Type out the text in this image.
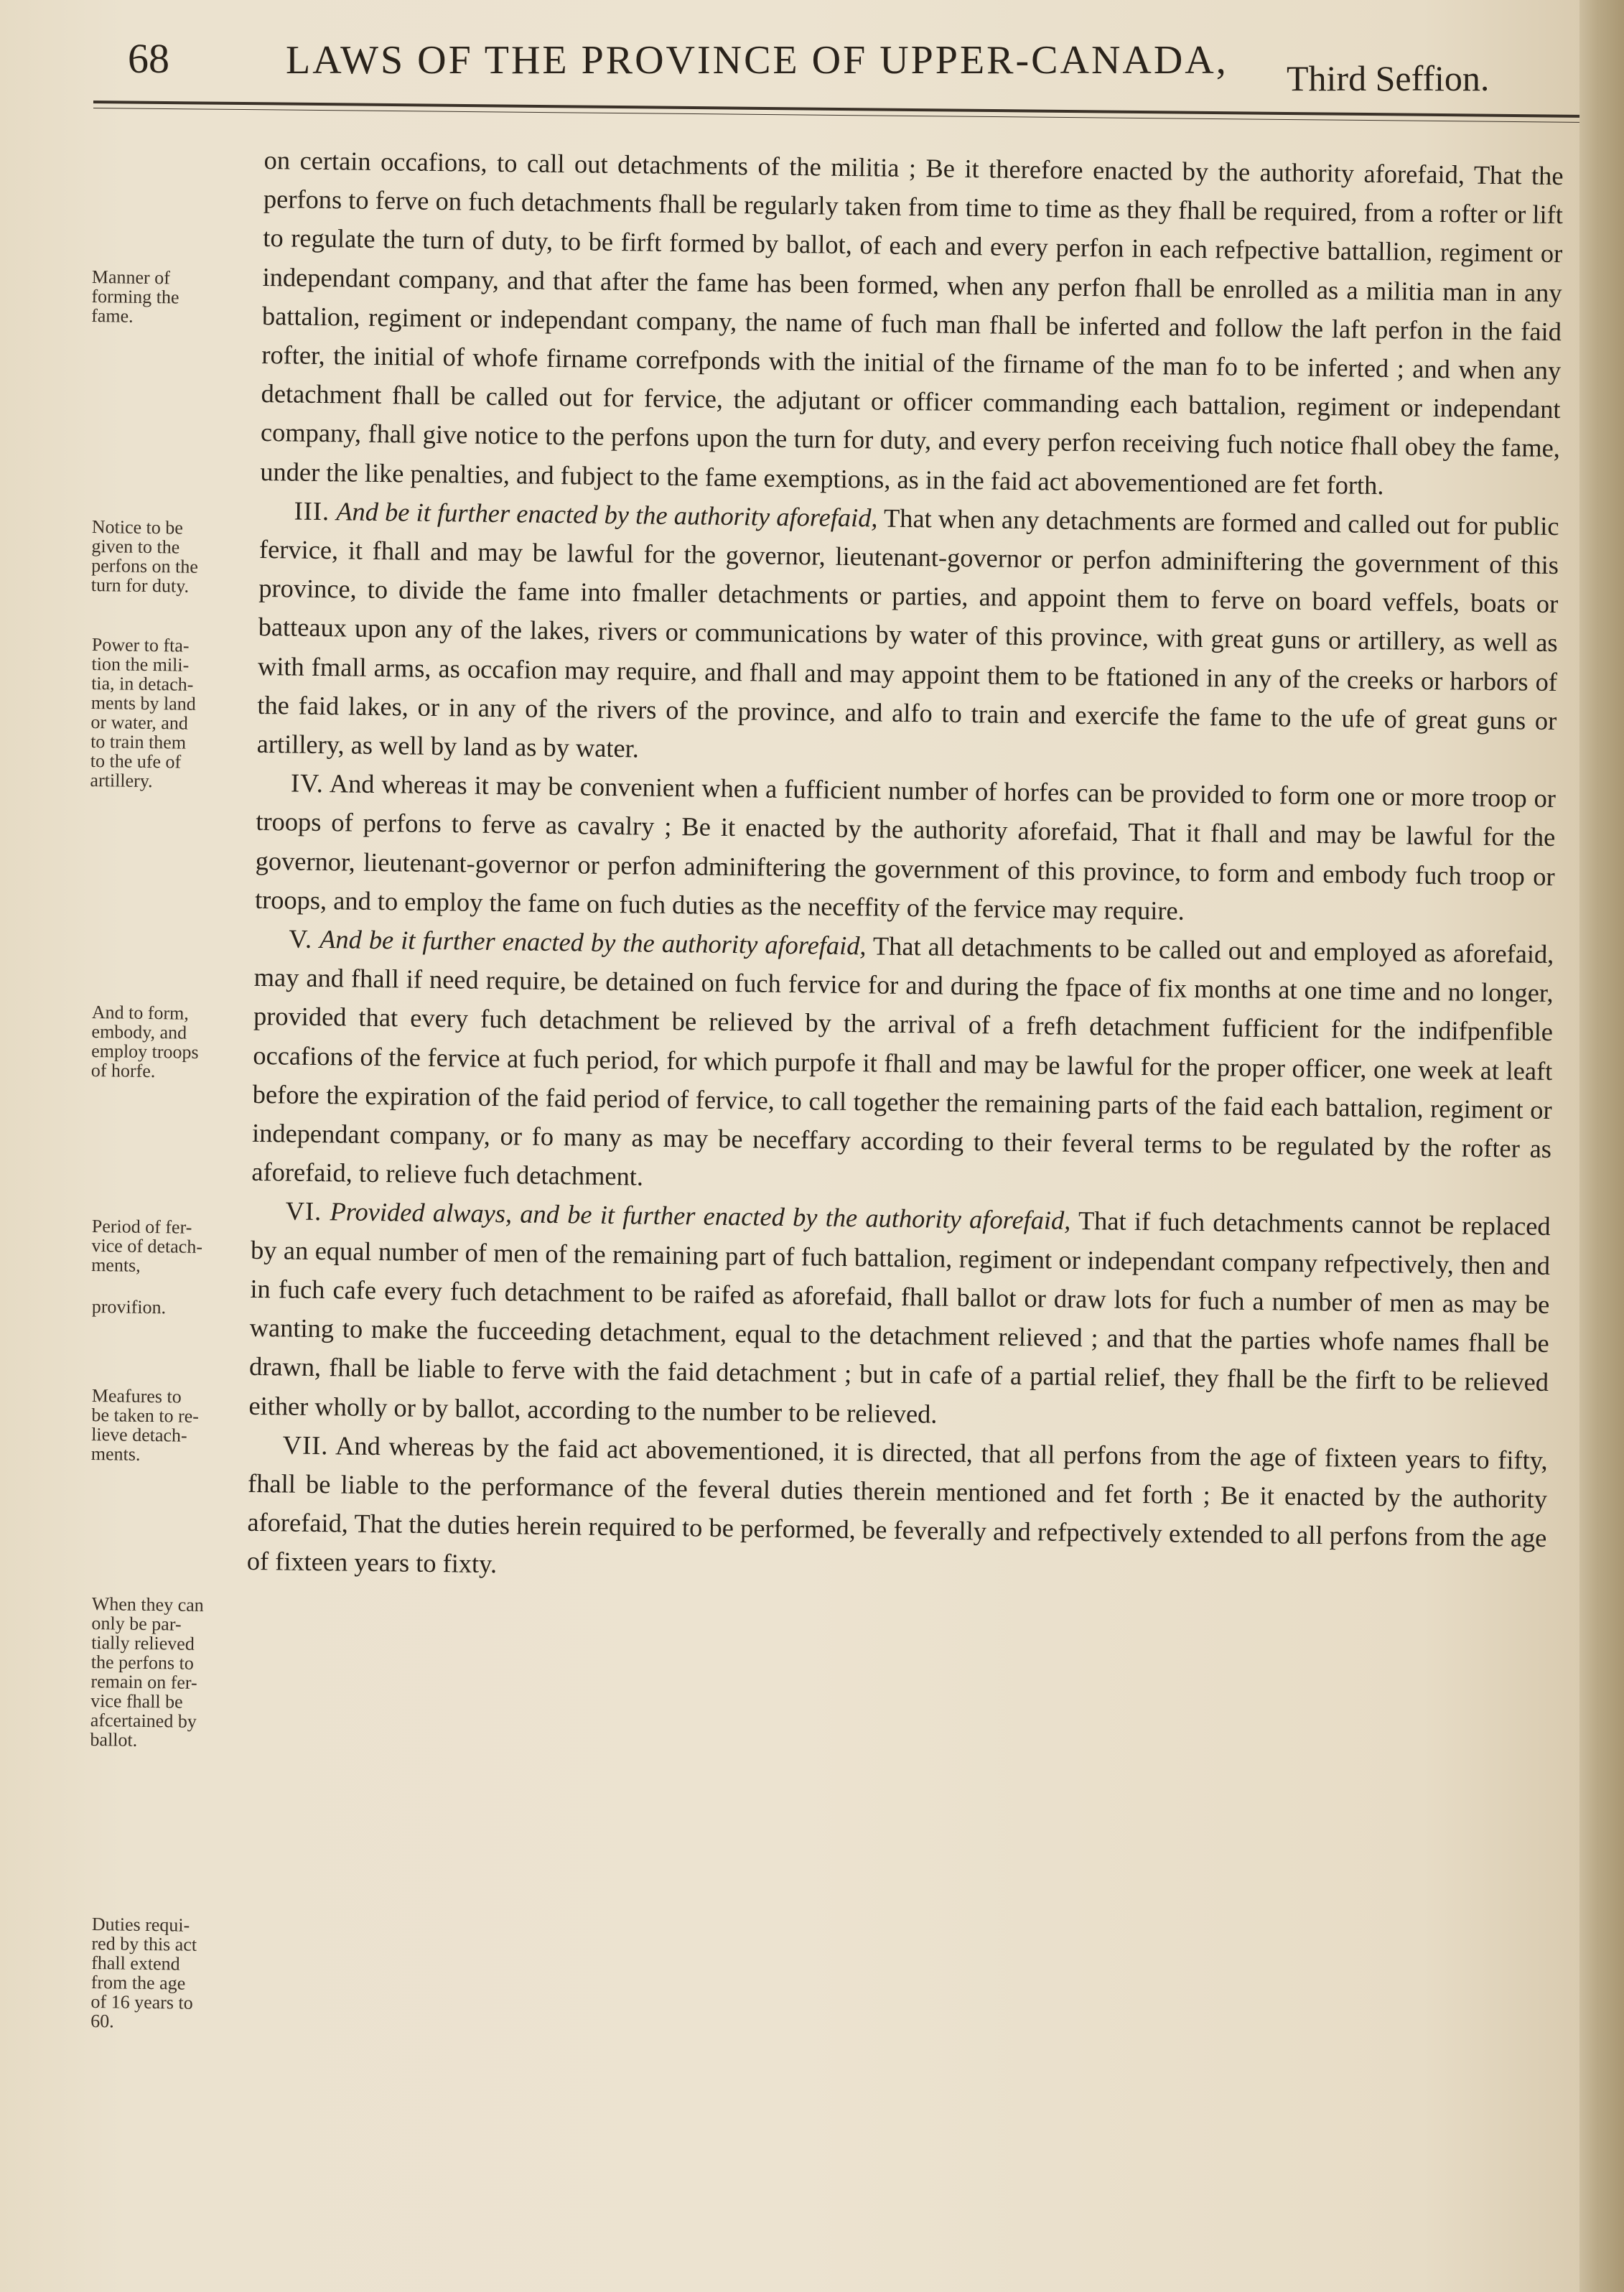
68	LAWS OF THE PROVINCE OF UPPER-CANADA, Third Seffion.
Manner of
forming the
fame.
Notice to be
given to the
perfons on the
turn for duty.
Power to fta-
tion the mili-
tia, in detach-
ments by land
or water, and
to train them
to the ufe of
artillery.
And to form,
embody, and
employ troops
of horfe.
Period of fer-
vice of detach-
ments,
provifion.
Meafures to
be taken to re-
lieve detach-
ments.
When they can
only be par-
tially relieved
the perfons to
remain on fer-
vice fhall be
afcertained by
ballot.
Duties requi-
red by this act
fhall extend
from the age
of 16 years to
60.

on certain occafions, to call out detachments of the militia ; Be it therefore enacted by the authority aforefaid, That the perfons to ferve on fuch detachments fhall be regularly taken from time to time as they fhall be required, from a rofter or lift to regulate the turn of duty, to be firft formed by ballot, of each and every perfon in each refpective battallion, regiment or independant company, and that after the fame has been formed, when any perfon fhall be enrolled as a militia man in any battalion, regiment or independant company, the name of fuch man fhall be inferted and follow the laft perfon in the faid rofter, the initial of whofe firname correfponds with the initial of the firname of the man fo to be inferted ; and when any detachment fhall be called out for fervice, the adjutant or officer commanding each battalion, regiment or independant company, fhall give notice to the perfons upon the turn for duty, and every perfon receiving fuch notice fhall obey the fame, under the like penalties, and fubject to the fame exemptions, as in the faid act abovementioned are fet forth.

III. And be it further enacted by the authority aforefaid, That when any detachments are formed and called out for public fervice, it fhall and may be lawful for the governor, lieutenant-governor or perfon adminiftering the government of this province, to divide the fame into fmaller detachments or parties, and appoint them to ferve on board veffels, boats or batteaux upon any of the lakes, rivers or communications by water of this province, with great guns or artillery, as well as with fmall arms, as occafion may require, and fhall and may appoint them to be ftationed in any of the creeks or harbors of the faid lakes, or in any of the rivers of the province, and alfo to train and exercife the fame to the ufe of great guns or artillery, as well by land as by water.

IV. And whereas it may be convenient when a fufficient number of horfes can be provided to form one or more troop or troops of perfons to ferve as cavalry ; Be it enacted by the authority aforefaid, That it fhall and may be lawful for the governor, lieutenant-governor or perfon adminiftering the government of this province, to form and embody fuch troop or troops, and to employ the fame on fuch duties as the neceffity of the fervice may require.

V. And be it further enacted by the authority aforefaid, That all detachments to be called out and employed as aforefaid, may and fhall if need require, be detained on fuch fervice for and during the fpace of fix months at one time and no longer, provided that every fuch detachment be relieved by the arrival of a frefh detachment fufficient for the indifpenfible occafions of the fervice at fuch period, for which purpofe it fhall and may be lawful for the proper officer, one week at leaft before the expiration of the faid period of fervice, to call together the remaining parts of the faid each battalion, regiment or independant company, or fo many as may be neceffary according to their feveral terms to be regulated by the rofter as aforefaid, to relieve fuch detachment.

VI. Provided always, and be it further enacted by the authority aforefaid, That if fuch detachments cannot be replaced by an equal number of men of the remaining part of fuch battalion, regiment or independant company refpectively, then and in fuch cafe every fuch detachment to be raifed as aforefaid, fhall ballot or draw lots for fuch a number of men as may be wanting to make the fucceeding detachment, equal to the detachment relieved ; and that the parties whofe names fhall be drawn, fhall be liable to ferve with the faid detachment ; but in cafe of a partial relief, they fhall be the firft to be relieved either wholly or by ballot, according to the number to be relieved.

VII. And whereas by the faid act abovementioned, it is directed, that all perfons from the age of fixteen years to fifty, fhall be liable to the performance of the feveral duties therein mentioned and fet forth ; Be it enacted by the authority aforefaid, That the duties herein required to be performed, be feverally and refpectively extended to all perfons from the age of fixteen years to fixty.
